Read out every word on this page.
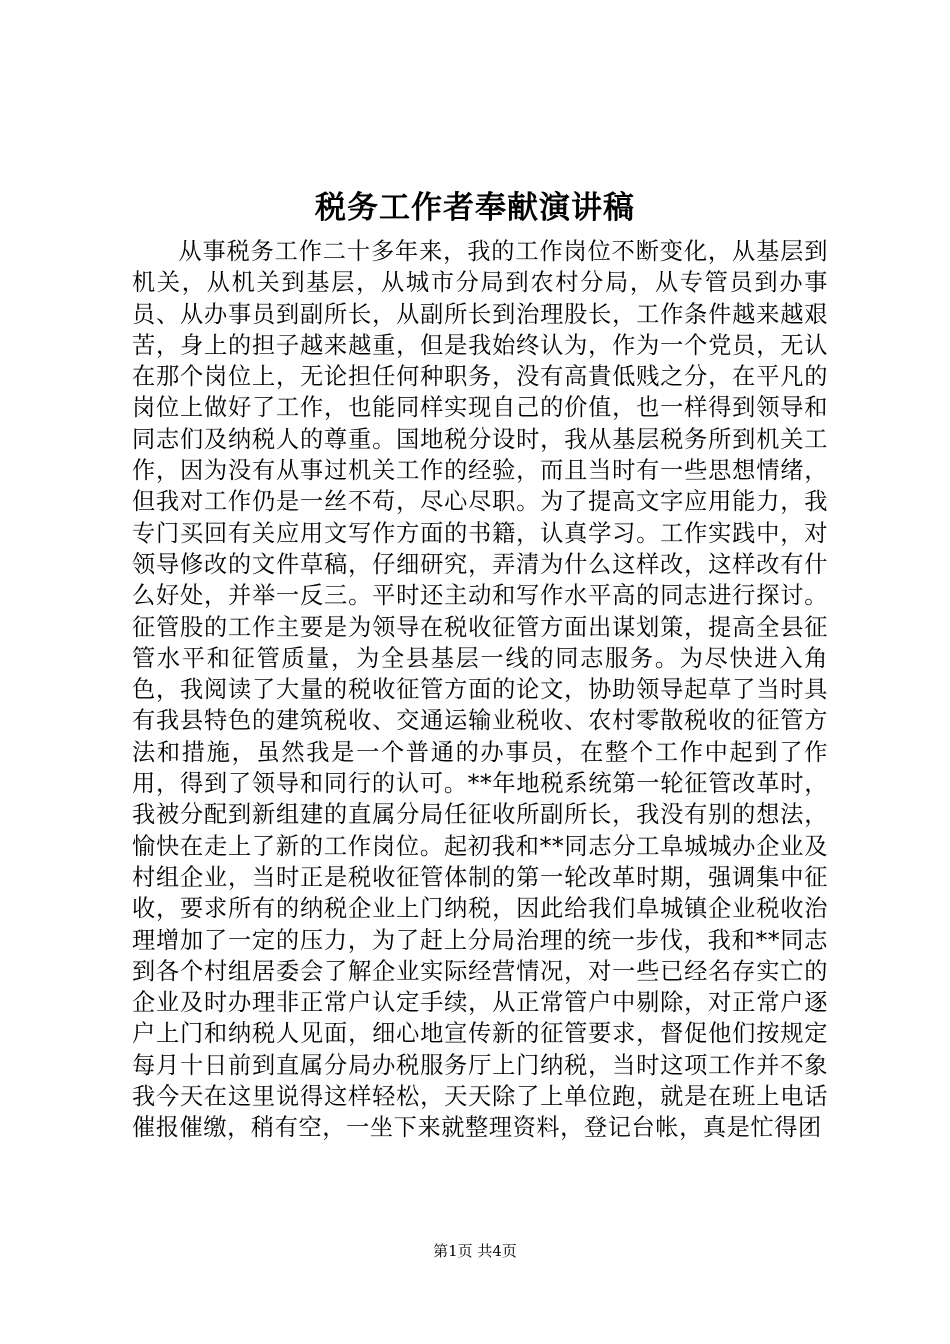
税务工作者奉献演讲稿

从事税务工作二十多年来，我的工作岗位不断变化，从基层到机关，从机关到基层，从城市分局到农村分局，从专管员到办事员、从办事员到副所长，从副所长到治理股长，工作条件越来越艰苦，身上的担子越来越重，但是我始终认为，作为一个党员，无认在那个岗位上，无论担任何种职务，没有高貴低贱之分，在平凡的岗位上做好了工作，也能同样实现自己的价值，也一样得到领导和同志们及纳税人的尊重。国地税分设时，我从基层税务所到机关工作，因为没有从事过机关工作的经验，而且当时有一些思想情绪，但我对工作仍是一丝不苟，尽心尽职。为了提高文字应用能力，我专门买回有关应用文写作方面的书籍，认真学习。工作实践中，对领导修改的文件草稿，仔细研究，弄清为什么这样改，这样改有什么好处，并举一反三。平时还主动和写作水平高的同志进行探讨。征管股的工作主要是为领导在税收征管方面出谋划策，提高全县征管水平和征管质量，为全县基层一线的同志服务。为尽快进入角色，我阅读了大量的税收征管方面的论文，协助领导起草了当时具有我县特色的建筑税收、交通运输业税收、农村零散税收的征管方法和措施，虽然我是一个普通的办事员，在整个工作中起到了作用，得到了领导和同行的认可。**年地税系统第一轮征管改革时，我被分配到新组建的直属分局任征收所副所长，我没有别的想法，愉快在走上了新的工作岗位。起初我和**同志分工阜城城办企业及村组企业，当时正是税收征管体制的第一轮改革时期，强调集中征收，要求所有的纳税企业上门纳税，因此给我们阜城镇企业税收治理增加了一定的压力，为了赶上分局治理的统一步伐，我和**同志到各个村组居委会了解企业实际经营情况，对一些已经名存实亡的企业及时办理非正常户认定手续，从正常管户中剔除，对正常户逐户上门和纳税人见面，细心地宣传新的征管要求，督促他们按规定每月十日前到直属分局办税服务厅上门纳税，当时这项工作并不象我今天在这里说得这样轻松，天天除了上单位跑，就是在班上电话催报催缴，稍有空，一坐下来就整理资料，登记台帐，真是忙得团

第1页 共4页
